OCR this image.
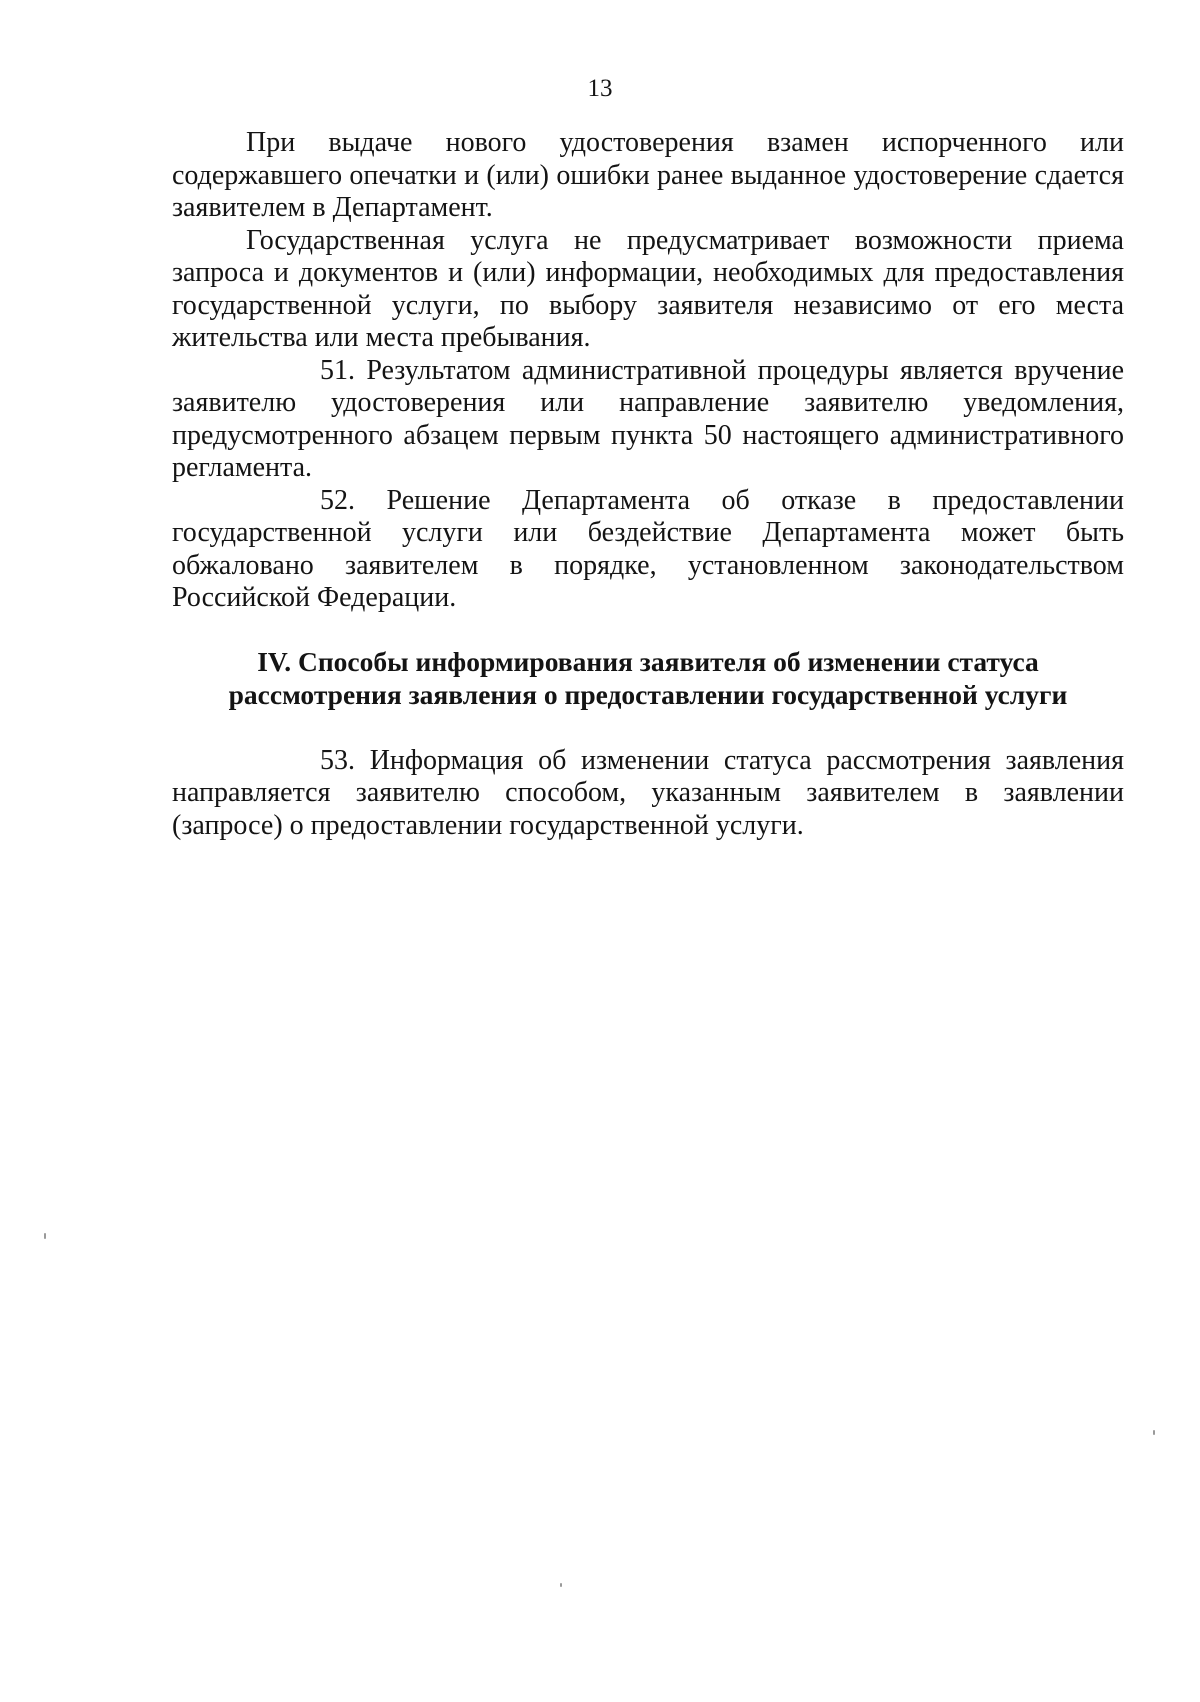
13

При выдаче нового удостоверения взамен испорченного или содержавшего опечатки и (или) ошибки ранее выданное удостоверение сдается заявителем в Департамент.

Государственная услуга не предусматривает возможности приема запроса и документов и (или) информации, необходимых для предоставления государственной услуги, по выбору заявителя независимо от его места жительства или места пребывания.

51. Результатом административной процедуры является вручение заявителю удостоверения или направление заявителю уведомления, предусмотренного абзацем первым пункта 50 настоящего административного регламента.

52. Решение Департамента об отказе в предоставлении государственной услуги или бездействие Департамента может быть обжаловано заявителем в порядке, установленном законодательством Российской Федерации.

IV. Способы информирования заявителя об изменении статуса
рассмотрения заявления о предоставлении государственной услуги

53. Информация об изменении статуса рассмотрения заявления направляется заявителю способом, указанным заявителем в заявлении (запросе) о предоставлении государственной услуги.
